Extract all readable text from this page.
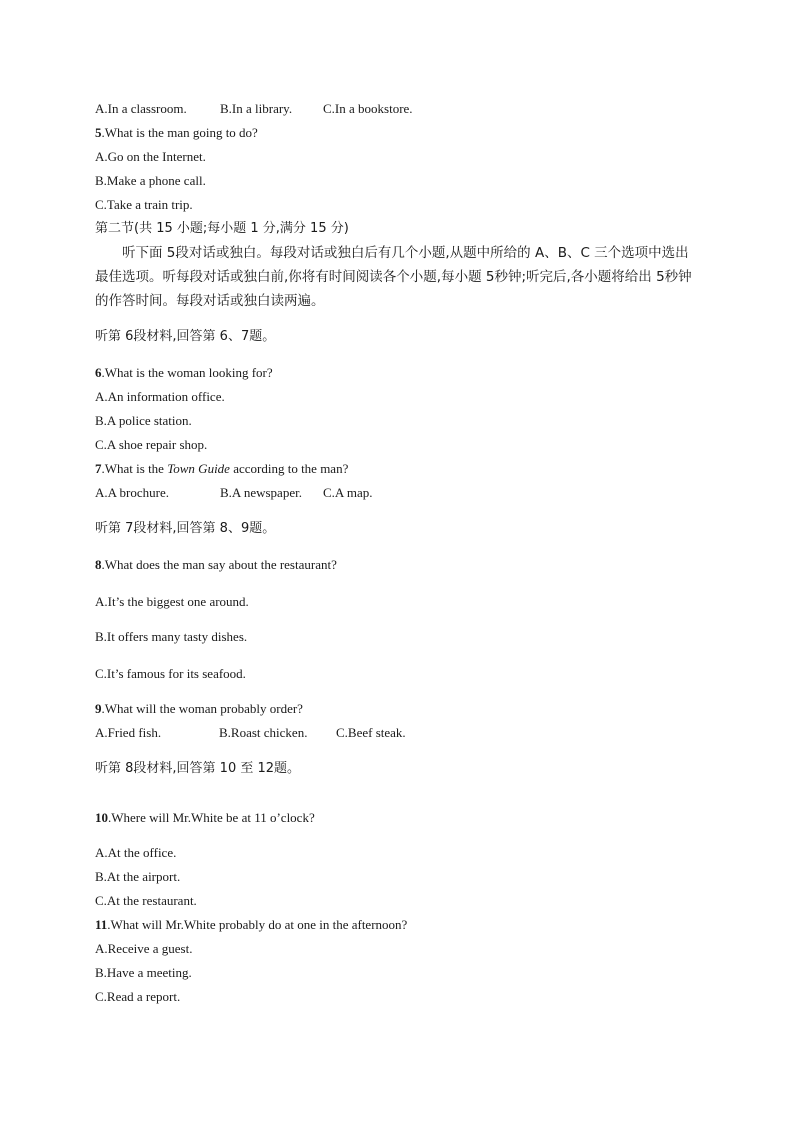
A.In a classroom.	B.In a library. C.In a bookstore.
5.What is the man going to do?
A.Go on the Internet.
B.Make a phone call.
C.Take a train trip.
第二节(共 15 小题;每小题 1 分,满分 15 分)
听下面 5段对话或独白。每段对话或独白后有几个小题,从题中所给的 A、B、C 三个选项中选出最佳选项。听每段对话或独白前,你将有时间阅读各个小题,每小题 5秒钟;听完后,各小题将给出 5秒钟的作答时间。每段对话或独白读两遍。
听第 6段材料,回答第 6、7题。
6.What is the woman looking for?
A.An information office.
B.A police station.
C.A shoe repair shop.
7.What is the Town Guide according to the man?
A.A brochure.	B.A newspaper. C.A map.
听第 7段材料,回答第 8、9题。
8.What does the man say about the restaurant?
A.It’s the biggest one around.
B.It offers many tasty dishes.
C.It’s famous for its seafood.
9.What will the woman probably order?
A.Fried fish.	B.Roast chicken. C.Beef steak.
听第 8段材料,回答第 10 至 12题。
10.Where will Mr.White be at 11 o’clock?
A.At the office.
B.At the airport.
C.At the restaurant.
11.What will Mr.White probably do at one in the afternoon?
A.Receive a guest.
B.Have a meeting.
C.Read a report.
